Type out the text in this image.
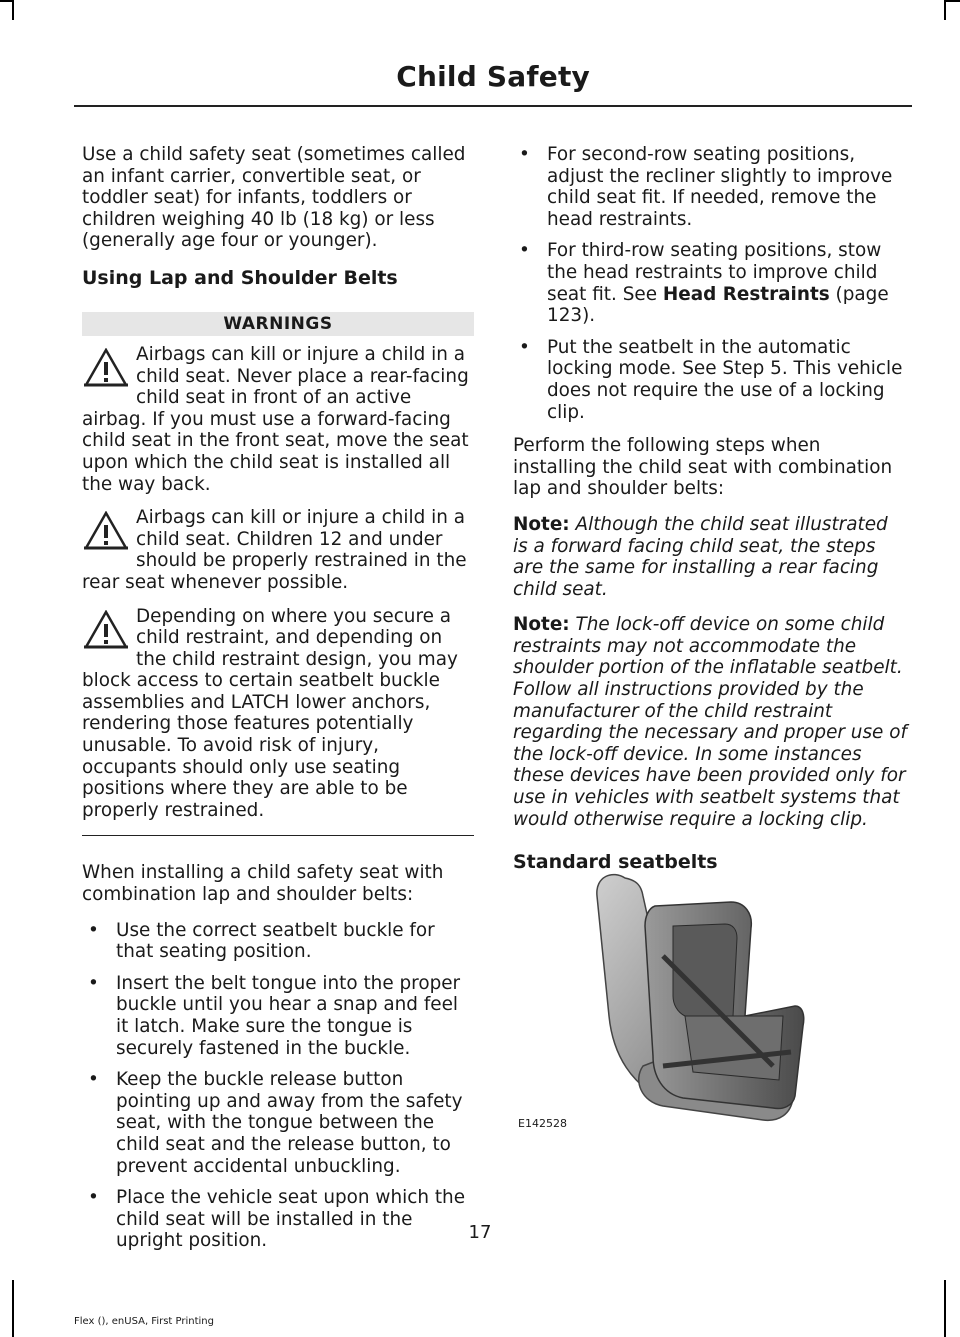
Child Safety

Use a child safety seat (sometimes called an infant carrier, convertible seat, or toddler seat) for infants, toddlers or children weighing 40 lb (18 kg) or less (generally age four or younger).

Using Lap and Shoulder Belts
WARNINGS
Airbags can kill or injure a child in a child seat. Never place a rear-facing child seat in front of an active airbag. If you must use a forward-facing child seat in the front seat, move the seat upon which the child seat is installed all the way back.
Airbags can kill or injure a child in a child seat. Children 12 and under should be properly restrained in the rear seat whenever possible.
Depending on where you secure a child restraint, and depending on the child restraint design, you may block access to certain seatbelt buckle assemblies and LATCH lower anchors, rendering those features potentially unusable. To avoid risk of injury, occupants should only use seating positions where they are able to be properly restrained.

When installing a child safety seat with combination lap and shoulder belts:

• Use the correct seatbelt buckle for that seating position.
• Insert the belt tongue into the proper buckle until you hear a snap and feel it latch. Make sure the tongue is securely fastened in the buckle.
• Keep the buckle release button pointing up and away from the safety seat, with the tongue between the child seat and the release button, to prevent accidental unbuckling.
• Place the vehicle seat upon which the child seat will be installed in the upright position.
• For second-row seating positions, adjust the recliner slightly to improve child seat fit. If needed, remove the head restraints.
• For third-row seating positions, stow the head restraints to improve child seat fit. See Head Restraints (page 123).
• Put the seatbelt in the automatic locking mode. See Step 5. This vehicle does not require the use of a locking clip.

Perform the following steps when installing the child seat with combination lap and shoulder belts:

Note: Although the child seat illustrated is a forward facing child seat, the steps are the same for installing a rear facing child seat.

Note: The lock-off device on some child restraints may not accommodate the shoulder portion of the inflatable seatbelt. Follow all instructions provided by the manufacturer of the child restraint regarding the necessary and proper use of the lock-off device. In some instances these devices have been provided only for use in vehicles with seatbelt systems that would otherwise require a locking clip.

Standard seatbelts
E142528
17
Flex (), enUSA, First Printing
